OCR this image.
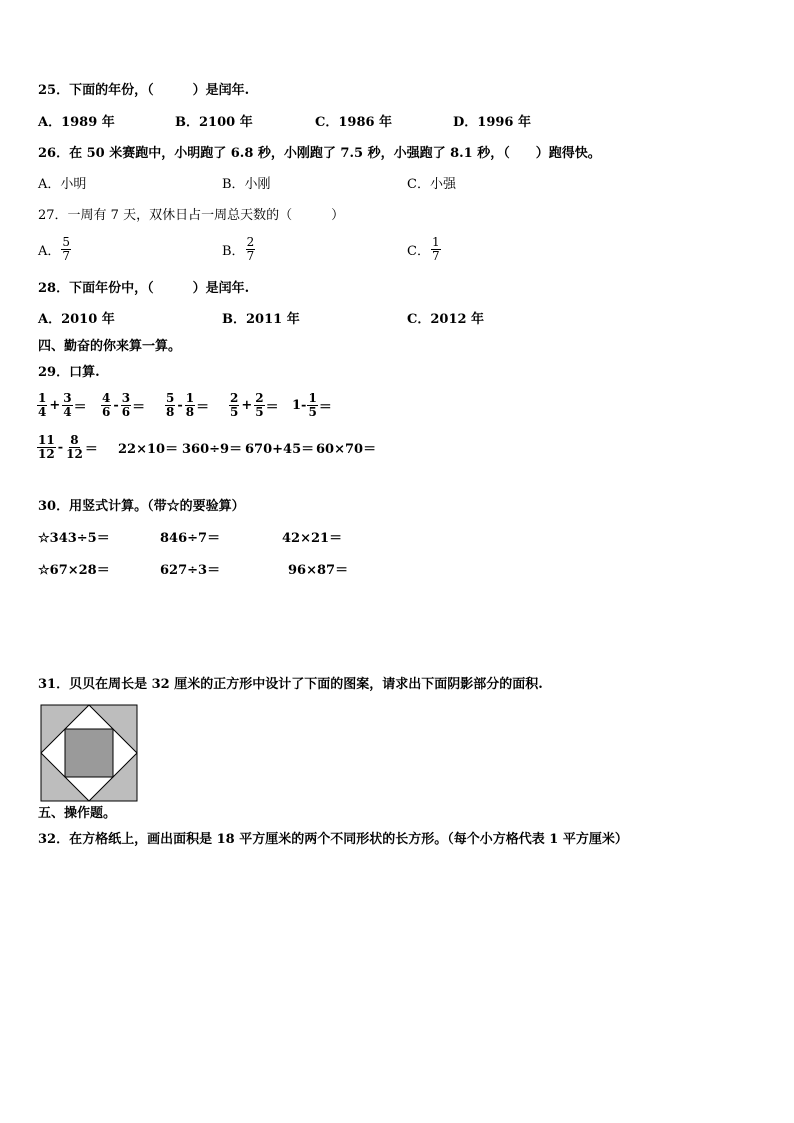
25．下面的年份，（　　　）是闰年.
A．1989 年	B．2100 年	C．1986 年	D．1996 年
26．在 50 米赛跑中，小明跑了 6.8 秒，小刚跑了 7.5 秒，小强跑了 8.1 秒，（　　）跑得快。
A．小明	B．小刚	C．小强
27．一周有 7 天，双休日占一周总天数的（　　　）
A． $\frac{5}{7}$	B． $\frac{2}{7}$	C． $\frac{1}{7}$
28．下面年份中，（　　　）是闰年.
A．2010 年	B．2011 年	C．2012 年
四、勤奋的你来算一算。
29．口算.
$\frac{1}{4} + \frac{3}{4} = \frac{4}{6} - \frac{3}{6} = \frac{5}{8} - \frac{1}{8} = \frac{2}{5} + \frac{2}{5} = 1- \frac{1}{5}$ ＝
$\frac{11}{12} - \frac{8}{12} = 22\times 10= 360\div 9= 670+45= 60\times 70=$
30．用竖式计算。（带☆的要验算）
☆343÷5＝	846÷7＝	42×21＝
☆67×28＝	627÷3＝	96×87＝
31．贝贝在周长是 32 厘米的正方形中设计了下面的图案，请求出下面阴影部分的面积.
五、操作题。
32．在方格纸上，画出面积是 18 平方厘米的两个不同形状的长方形。（每个小方格代表 1 平方厘米）
